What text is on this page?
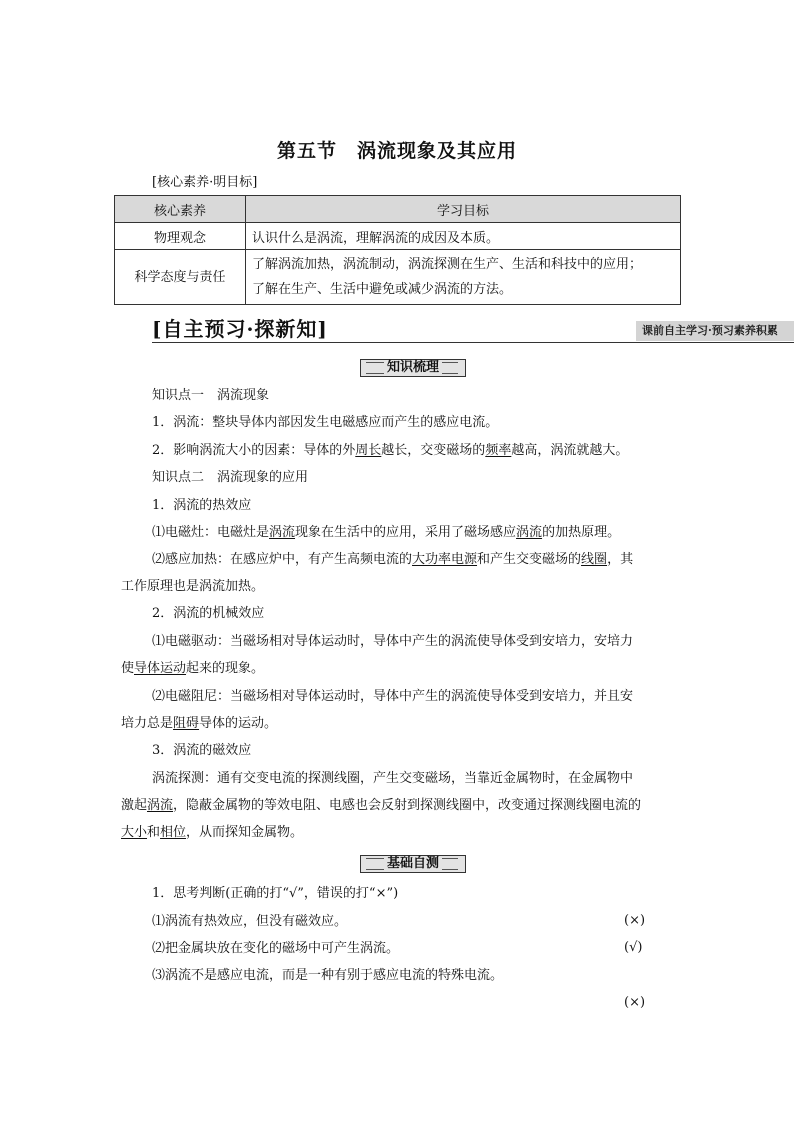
第五节　涡流现象及其应用
[核心素养·明目标]
核心素养	学习目标
物理观念	认识什么是涡流，理解涡流的成因及本质。
科学态度与责任	了解涡流加热，涡流制动，涡流探测在生产、生活和科技中的应用；
了解在生产、生活中避免或减少涡流的方法。
[自主预习·探新知]	课前自主学习·预习素养积累
知识梳理
知识点一　涡流现象
1．涡流：整块导体内部因发生电磁感应而产生的感应电流。
2．影响涡流大小的因素：导体的外周长越长，交变磁场的频率越高，涡流就越大。
知识点二　涡流现象的应用
1．涡流的热效应
⑴电磁灶：电磁灶是涡流现象在生活中的应用，采用了磁场感应涡流的加热原理。
⑵感应加热：在感应炉中，有产生高频电流的大功率电源和产生交变磁场的线圈，其
工作原理也是涡流加热。
2．涡流的机械效应
⑴电磁驱动：当磁场相对导体运动时，导体中产生的涡流使导体受到安培力，安培力
使导体运动起来的现象。
⑵电磁阻尼：当磁场相对导体运动时，导体中产生的涡流使导体受到安培力，并且安
培力总是阻碍导体的运动。
3．涡流的磁效应
涡流探测：通有交变电流的探测线圈，产生交变磁场，当靠近金属物时，在金属物中
激起涡流，隐蔽金属物的等效电阻、电感也会反射到探测线圈中，改变通过探测线圈电流的
大小和相位，从而探知金属物。
基础自测
1．思考判断(正确的打“√”，错误的打“×”)
⑴涡流有热效应，但没有磁效应。	(×)
⑵把金属块放在变化的磁场中可产生涡流。	(√)
⑶涡流不是感应电流，而是一种有别于感应电流的特殊电流。
(×)
